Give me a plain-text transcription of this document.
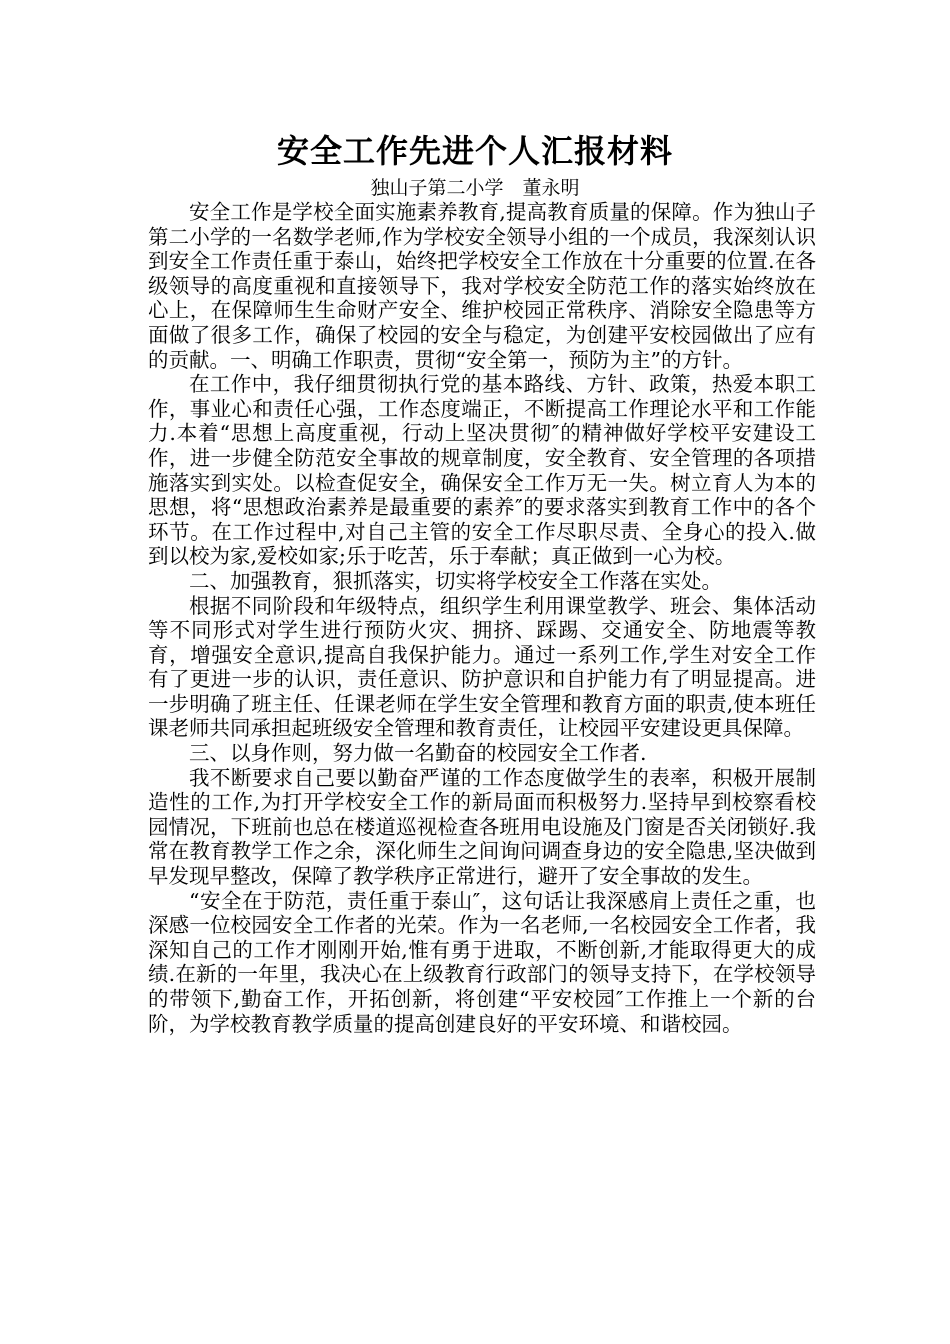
安全工作先进个人汇报材料

独山子第二小学　董永明

安全工作是学校全面实施素养教育,提高教育质量的保障。作为独山子第二小学的一名数学老师,作为学校安全领导小组的一个成员，我深刻认识到安全工作责任重于泰山，始终把学校安全工作放在十分重要的位置.在各级领导的高度重视和直接领导下，我对学校安全防范工作的落实始终放在心上，在保障师生生命财产安全、维护校园正常秩序、消除安全隐患等方面做了很多工作，确保了校园的安全与稳定，为创建平安校园做出了应有的贡献。一、明确工作职责，贯彻“安全第一，预防为主”的方针。

在工作中，我仔细贯彻执行党的基本路线、方针、政策，热爱本职工作，事业心和责任心强，工作态度端正，不断提高工作理论水平和工作能力.本着“思想上高度重视，行动上坚决贯彻″的精神做好学校平安建设工作，进一步健全防范安全事故的规章制度，安全教育、安全管理的各项措施落实到实处。以检查促安全，确保安全工作万无一失。树立育人为本的思想，将“思想政治素养是最重要的素养″的要求落实到教育工作中的各个环节。在工作过程中,对自己主管的安全工作尽职尽责、全身心的投入.做到以校为家,爱校如家;乐于吃苦，乐于奉献；真正做到一心为校。

二、加强教育，狠抓落实，切实将学校安全工作落在实处。

根据不同阶段和年级特点，组织学生利用课堂教学、班会、集体活动等不同形式对学生进行预防火灾、拥挤、踩踢、交通安全、防地震等教育，增强安全意识,提高自我保护能力。通过一系列工作,学生对安全工作有了更进一步的认识，责任意识、防护意识和自护能力有了明显提高。进一步明确了班主任、任课老师在学生安全管理和教育方面的职责,使本班任课老师共同承担起班级安全管理和教育责任，让校园平安建设更具保障。

三、以身作则，努力做一名勤奋的校园安全工作者.

我不断要求自己要以勤奋严谨的工作态度做学生的表率，积极开展制造性的工作,为打开学校安全工作的新局面而积极努力.坚持早到校察看校园情况，下班前也总在楼道巡视检查各班用电设施及门窗是否关闭锁好.我常在教育教学工作之余，深化师生之间询问调查身边的安全隐患,坚决做到早发现早整改，保障了教学秩序正常进行，避开了安全事故的发生。

“安全在于防范，责任重于泰山″，这句话让我深感肩上责任之重，也深感一位校园安全工作者的光荣。作为一名老师,一名校园安全工作者，我深知自己的工作才刚刚开始,惟有勇于进取，不断创新,才能取得更大的成绩.在新的一年里，我决心在上级教育行政部门的领导支持下，在学校领导的带领下,勤奋工作，开拓创新，将创建“平安校园″工作推上一个新的台阶，为学校教育教学质量的提高创建良好的平安环境、和谐校园。
